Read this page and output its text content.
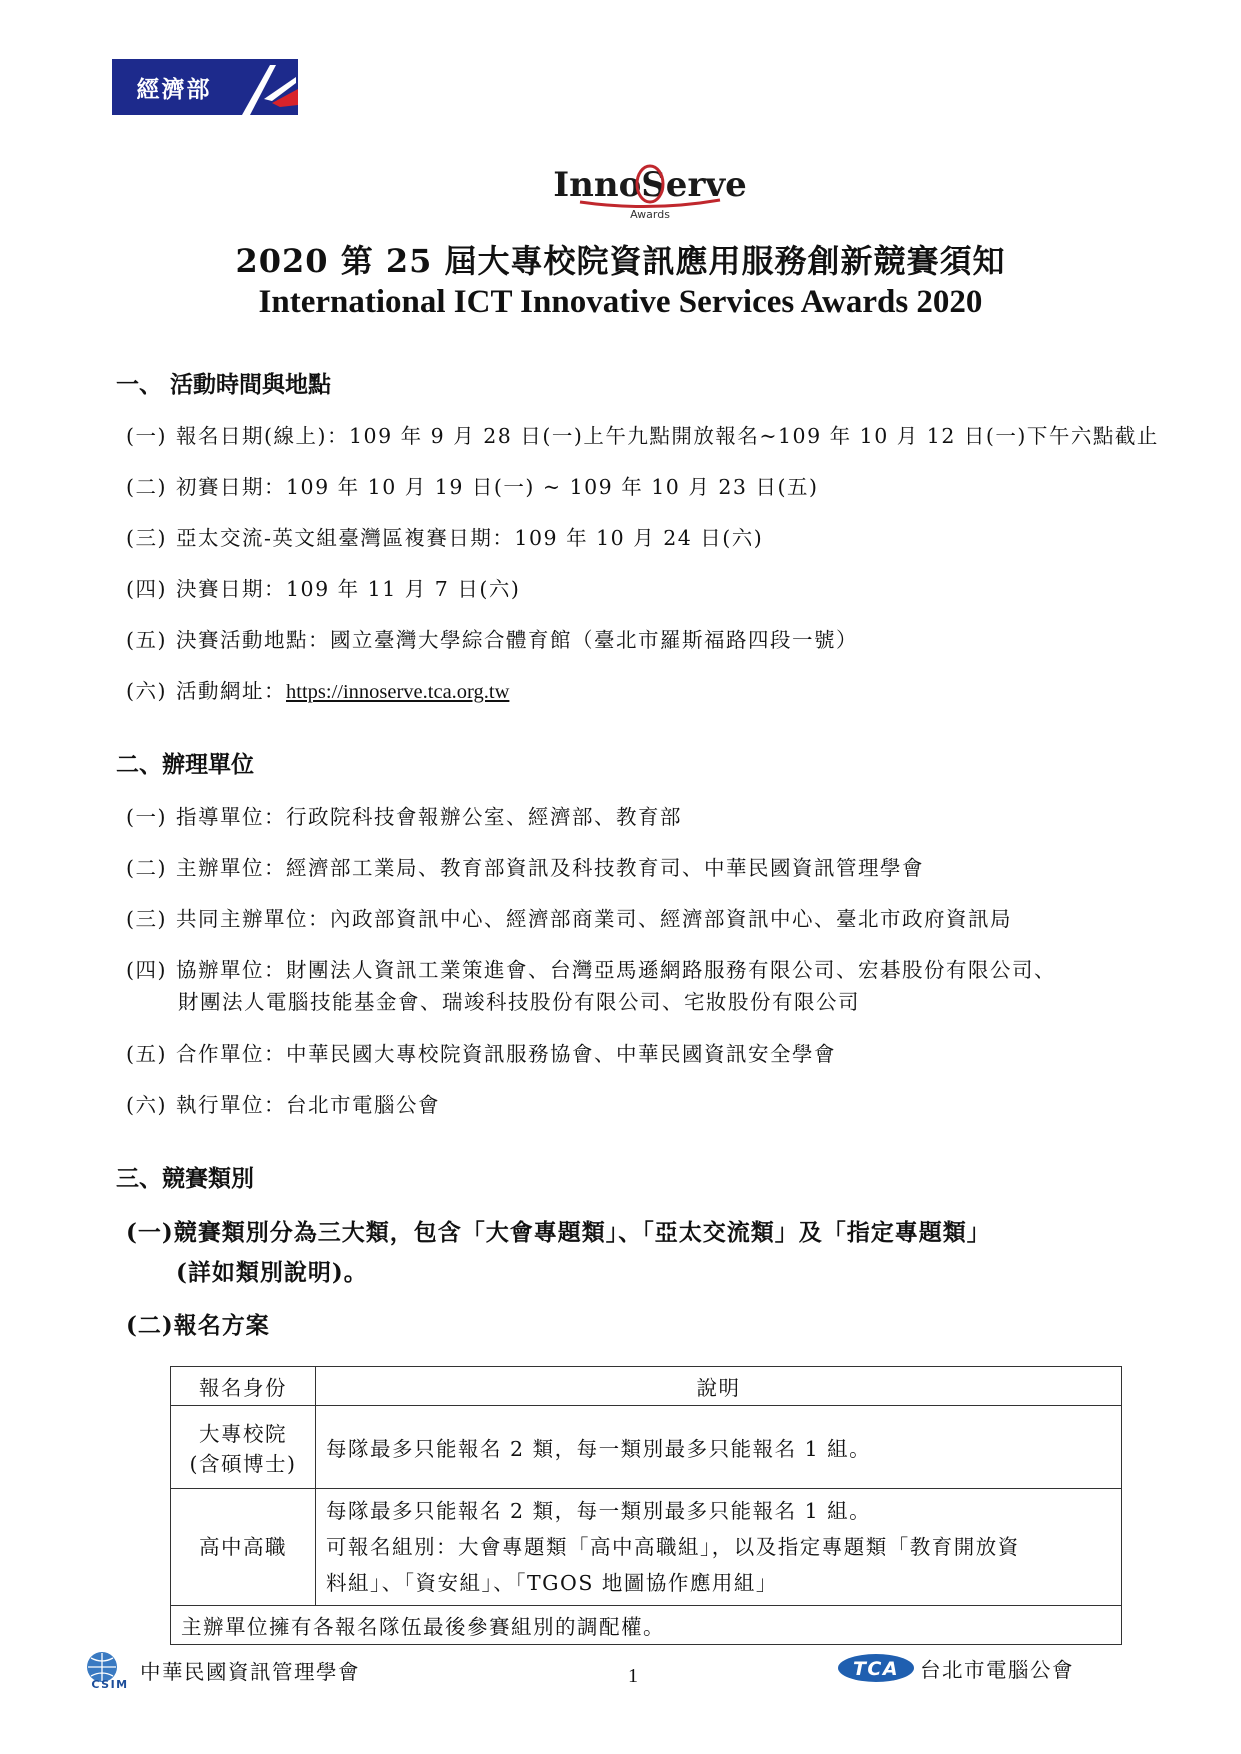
經濟部
InnoServe
Awards
2020 第 25 屆大專校院資訊應用服務創新競賽須知
International ICT Innovative Services Awards 2020
一、 活動時間與地點
(一) 報名日期(線上)：109 年 9 月 28 日(一)上午九點開放報名~109 年 10 月 12 日(一)下午六點截止
(二) 初賽日期：109 年 10 月 19 日(一) ~ 109 年 10 月 23 日(五)
(三) 亞太交流-英文組臺灣區複賽日期：109 年 10 月 24 日(六)
(四) 決賽日期：109 年 11 月 7 日(六)
(五) 決賽活動地點：國立臺灣大學綜合體育館（臺北市羅斯福路四段一號）
(六) 活動網址：https://innoserve.tca.org.tw
二、辦理單位
(一) 指導單位：行政院科技會報辦公室、經濟部、教育部
(二) 主辦單位：經濟部工業局、教育部資訊及科技教育司、中華民國資訊管理學會
(三) 共同主辦單位：內政部資訊中心、經濟部商業司、經濟部資訊中心、臺北市政府資訊局
(四) 協辦單位：財團法人資訊工業策進會、台灣亞馬遜網路服務有限公司、宏碁股份有限公司、
財團法人電腦技能基金會、瑞竣科技股份有限公司、宅妝股份有限公司
(五) 合作單位：中華民國大專校院資訊服務協會、中華民國資訊安全學會
(六) 執行單位：台北市電腦公會
三、競賽類別
(一)競賽類別分為三大類，包含「大會專題類」、「亞太交流類」及「指定專題類」
(詳如類別說明)。
(二)報名方案
報名身份	說明

大專校院
(含碩博士)	每隊最多只能報名 2 類，每一類別最多只能報名 1 組。

高中高職	每隊最多只能報名 2 類，每一類別最多只能報名 1 組。
可報名組別：大會專題類「高中高職組」，以及指定專題類「教育開放資
料組」、「資安組」、「TGOS 地圖協作應用組」

主辦單位擁有各報名隊伍最後參賽組別的調配權。	
CSIM
中華民國資訊管理學會	1	TCA 台北市電腦公會
